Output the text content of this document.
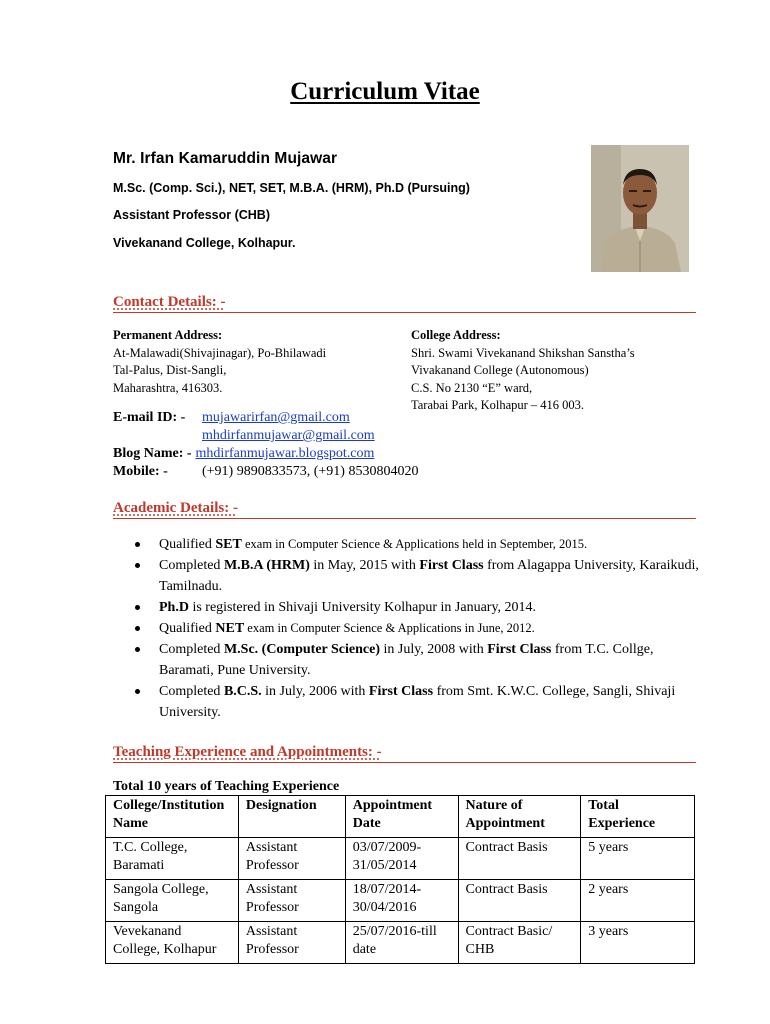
Curriculum Vitae
Mr. Irfan Kamaruddin Mujawar
M.Sc. (Comp. Sci.), NET, SET, M.B.A. (HRM), Ph.D (Pursuing)
Assistant Professor (CHB)
Vivekanand College, Kolhapur.
Contact Details: -
Permanent Address:
At-Malawadi(Shivajinagar), Po-Bhilawadi
Tal-Palus, Dist-Sangli,
Maharashtra, 416303.
College Address:
Shri. Swami Vivekanand Shikshan Sanstha’s
Vivakanand College (Autonomous)
C.S. No 2130 “E” ward,
Tarabai Park, Kolhapur – 416 003.
E-mail ID: -	mujawarirfan@gmail.com
mhdirfanmujawar@gmail.com
Blog Name: - mhdirfanmujawar.blogspot.com
Mobile: -	(+91) 9890833573, (+91) 8530804020
Academic Details: -
Qualified SET exam in Computer Science & Applications held in September, 2015.
Completed M.B.A (HRM) in May, 2015 with First Class from Alagappa University, Karaikudi, Tamilnadu.
Ph.D is registered in Shivaji University Kolhapur in January, 2014.
Qualified NET exam in Computer Science & Applications in June, 2012.
Completed M.Sc. (Computer Science) in July, 2008 with First Class from T.C. Collge, Baramati, Pune University.
Completed B.C.S. in July, 2006 with First Class from Smt. K.W.C. College, Sangli, Shivaji University.
Teaching Experience and Appointments: -
Total 10 years of Teaching Experience
College/Institution Name	Designation	Appointment Date	Nature of Appointment	Total Experience
T.C. College, Baramati	Assistant Professor	03/07/2009-31/05/2014	Contract Basis	5 years
Sangola College, Sangola	Assistant Professor	18/07/2014-30/04/2016	Contract Basis	2 years
Vevekanand College, Kolhapur	Assistant Professor	25/07/2016-till date	Contract Basic/ CHB	3 years
